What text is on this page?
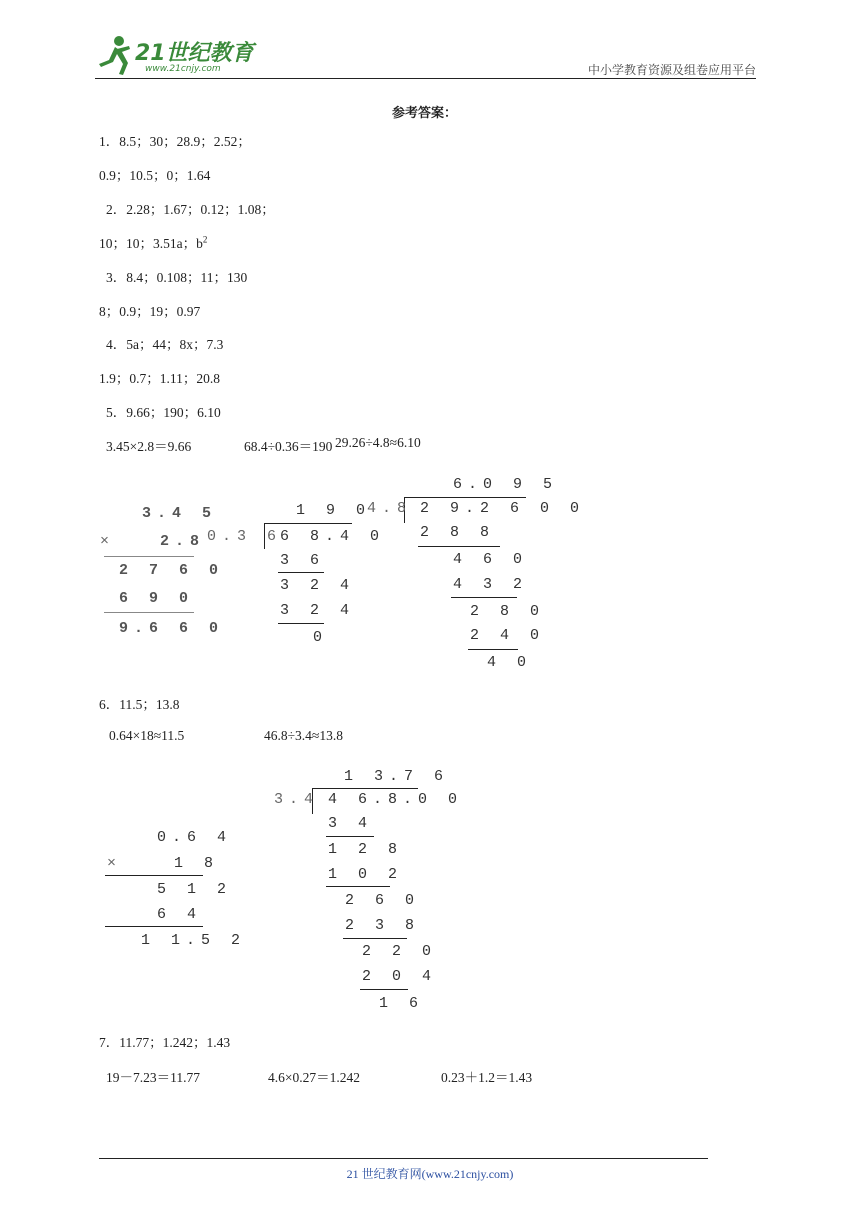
21世纪教育
www.21cnjy.com	中小学教育资源及组卷应用平台
参考答案：
1．8.5；30；28.9；2.52；
0.9；10.5；0；1.64
2．2.28；1.67；0.12；1.08；
10；10；3.51a；$b^2$
3．8.4；0.108；11；130
8；0.9；19；0.97
4．5a；44；8x；7.3
1.9；0.7；1.11；20.8
5．9.66；190；6.10
3.45×2.8＝9.66	68.4÷0.36＝190 29.26÷4.8≈6.10
3.4 5
×	2.8
2 7 6 0
6 9 0
9.6 6 0
1 9 0
0.3 6
6 8.4 0
3 6
3 2 4
3 2 4
0
6.0 9 5
4.8 2 9.2 6 0 0
2 8 8
4 6 0
4 3 2
2 8 0
2 4 0
4 0
6．11.5；13.8
0.64×18≈11.5	46.8÷3.4≈13.8
0.6 4
×	1 8
5 1 2
6 4
1 1.5 2
1 3.7 6
3.4 4 6.8.0 0
3 4
1 2 8
1 0 2
2 6 0
2 3 8
2 2 0
2 0 4
1 6
7．11.77；1.242；1.43
19－7.23＝11.77	4.6×0.27＝1.242	0.23＋1.2＝1.43
21 世纪教育网(www.21cnjy.com)
